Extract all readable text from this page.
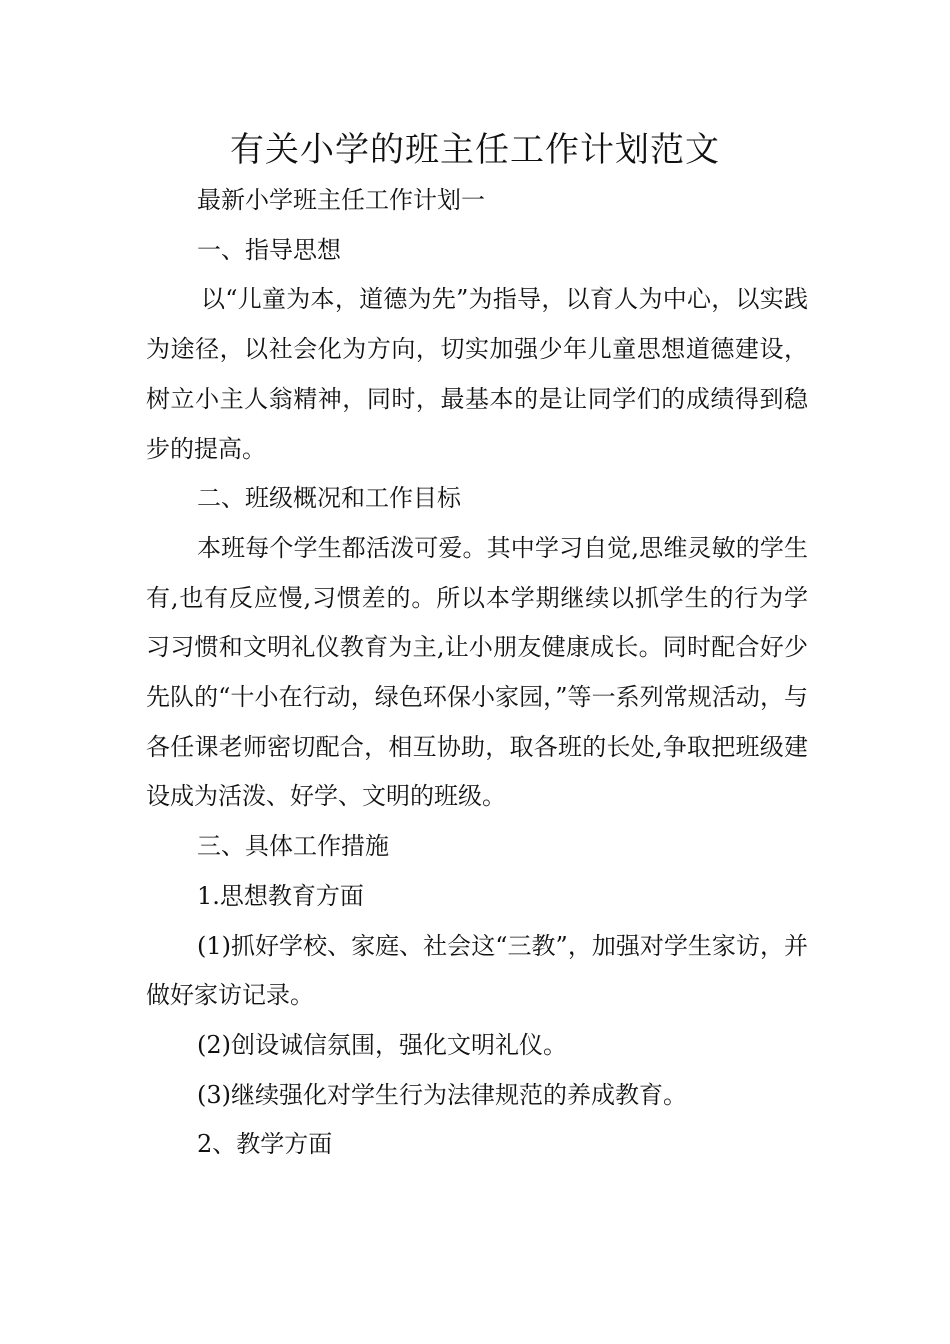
有关小学的班主任工作计划范文

最新小学班主任工作计划一

一、指导思想

以“儿童为本，道德为先”为指导，以育人为中心，以实践为途径，以社会化为方向，切实加强少年儿童思想道德建设，树立小主人翁精神，同时，最基本的是让同学们的成绩得到稳步的提高。

二、班级概况和工作目标

本班每个学生都活泼可爱。其中学习自觉,思维灵敏的学生有,也有反应慢,习惯差的。所以本学期继续以抓学生的行为学习习惯和文明礼仪教育为主,让小朋友健康成长。同时配合好少先队的“十小在行动，绿色环保小家园，”等一系列常规活动，与各任课老师密切配合，相互协助，取各班的长处,争取把班级建设成为活泼、好学、文明的班级。

三、具体工作措施

1.思想教育方面

(1)抓好学校、家庭、社会这“三教”，加强对学生家访，并做好家访记录。

(2)创设诚信氛围，强化文明礼仪。

(3)继续强化对学生行为法律规范的养成教育。

2、教学方面
